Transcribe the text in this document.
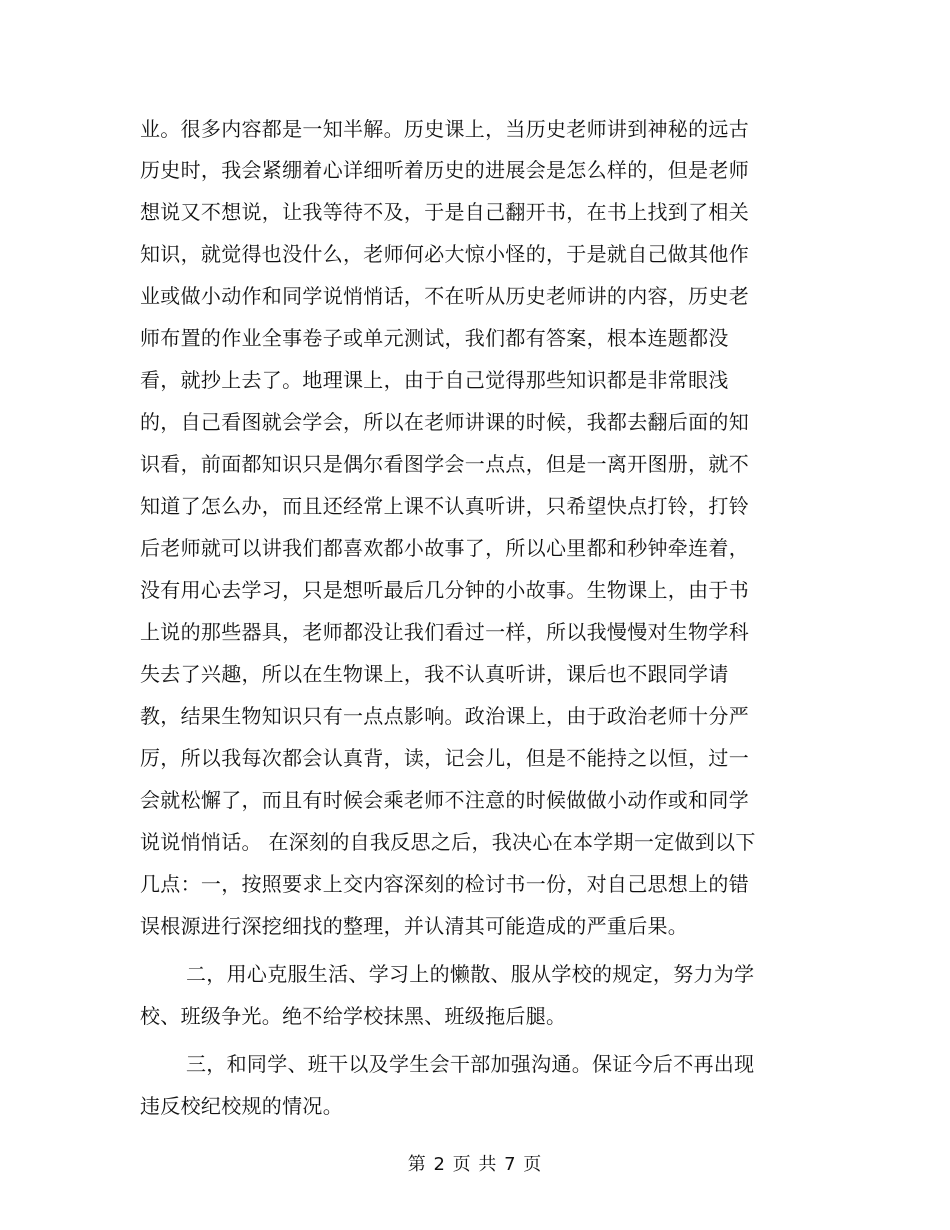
业。很多内容都是一知半解。历史课上，当历史老师讲到神秘的远古
历史时，我会紧绷着心详细听着历史的进展会是怎么样的，但是老师
想说又不想说，让我等待不及，于是自己翻开书，在书上找到了相关
知识，就觉得也没什么，老师何必大惊小怪的，于是就自己做其他作
业或做小动作和同学说悄悄话，不在听从历史老师讲的内容，历史老
师布置的作业全事卷子或单元测试，我们都有答案，根本连题都没
看，就抄上去了。地理课上，由于自己觉得那些知识都是非常眼浅
的，自己看图就会学会，所以在老师讲课的时候，我都去翻后面的知
识看，前面都知识只是偶尔看图学会一点点，但是一离开图册，就不
知道了怎么办，而且还经常上课不认真听讲，只希望快点打铃，打铃
后老师就可以讲我们都喜欢都小故事了，所以心里都和秒钟牵连着，
没有用心去学习，只是想听最后几分钟的小故事。生物课上，由于书
上说的那些器具，老师都没让我们看过一样，所以我慢慢对生物学科
失去了兴趣，所以在生物课上，我不认真听讲，课后也不跟同学请
教，结果生物知识只有一点点影响。政治课上，由于政治老师十分严
厉，所以我每次都会认真背，读，记会儿，但是不能持之以恒，过一
会就松懈了，而且有时候会乘老师不注意的时候做做小动作或和同学
说说悄悄话。 在深刻的自我反思之后，我决心在本学期一定做到以下
几点：一，按照要求上交内容深刻的检讨书一份，对自己思想上的错
误根源进行深挖细找的整理，并认清其可能造成的严重后果。
二，用心克服生活、学习上的懒散、服从学校的规定，努力为学
校、班级争光。绝不给学校抹黑、班级拖后腿。
三，和同学、班干以及学生会干部加强沟通。保证今后不再出现
违反校纪校规的情况。
第 2 页 共 7 页
